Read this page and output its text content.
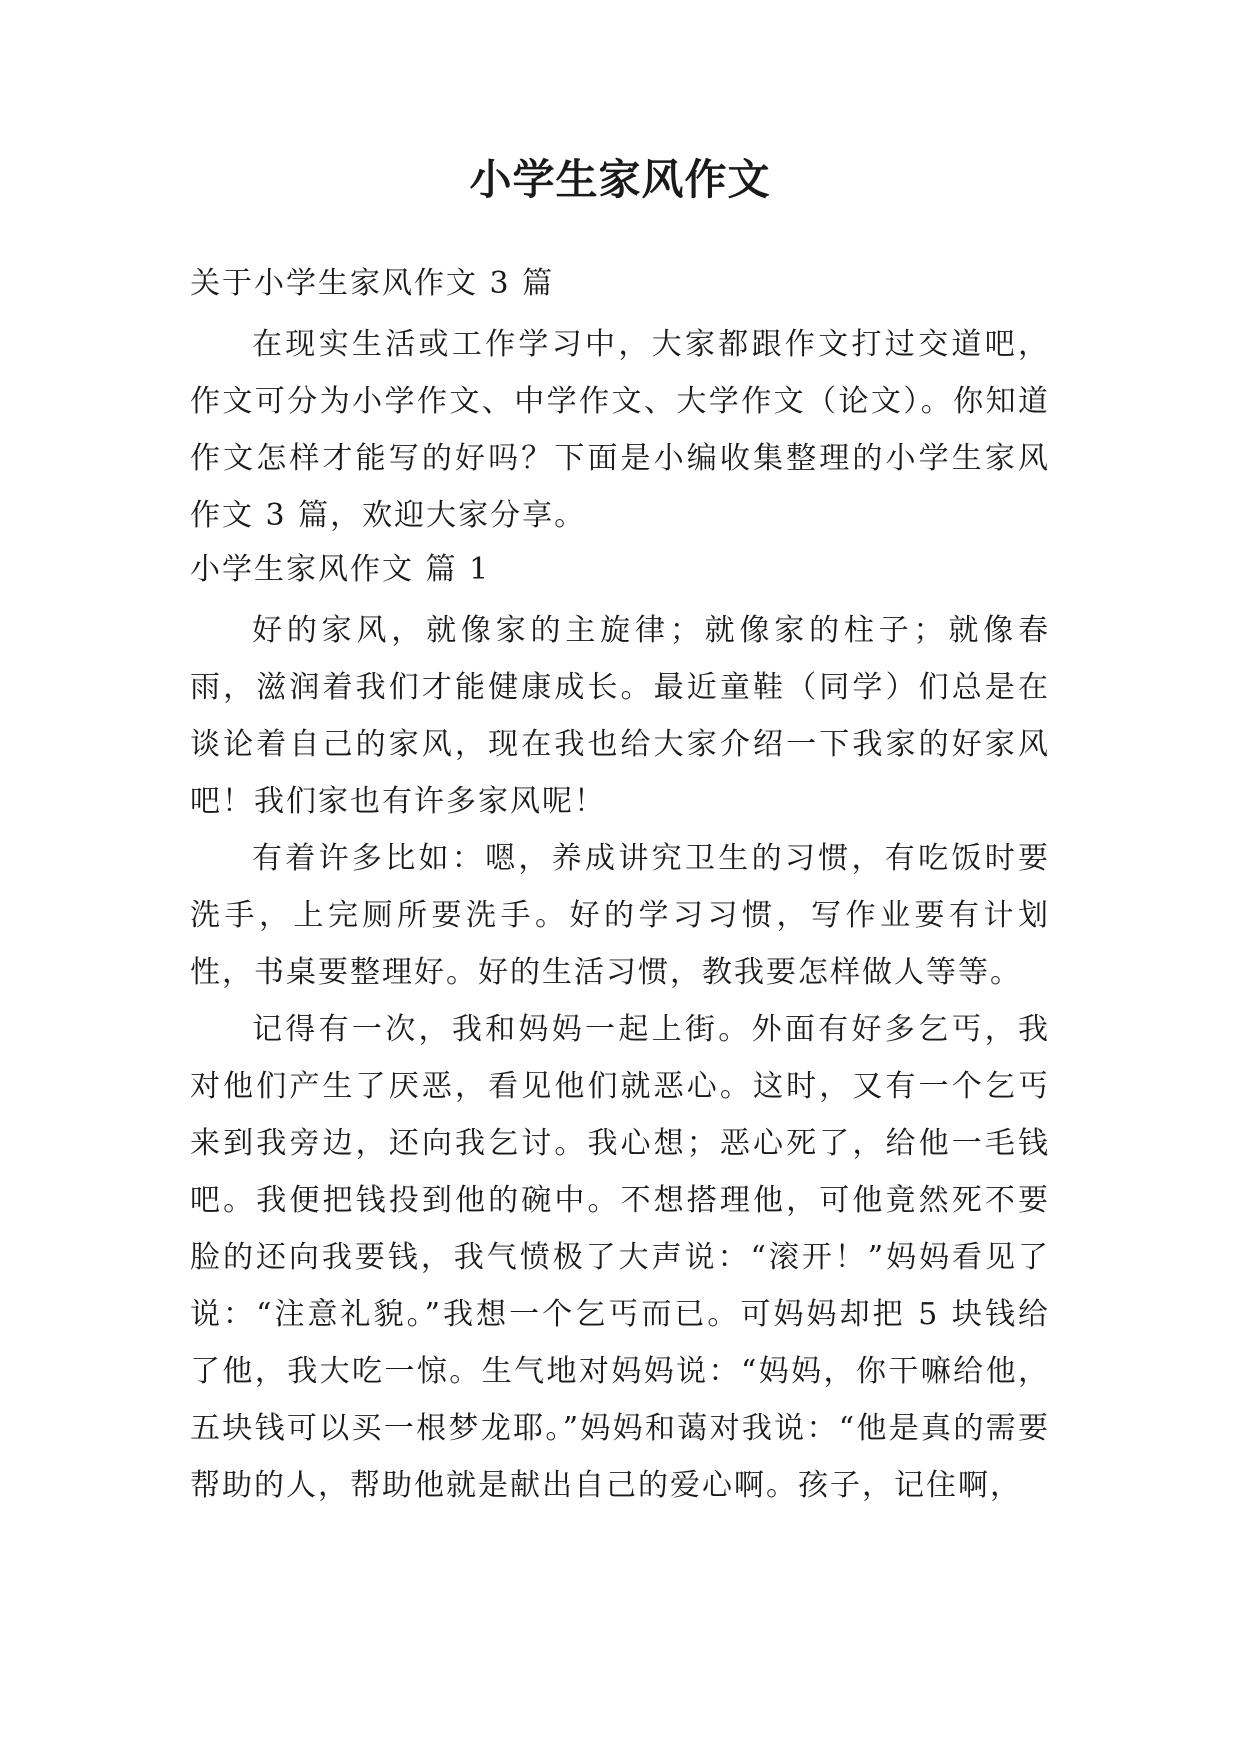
小学生家风作文

关于小学生家风作文 3 篇

在现实生活或工作学习中，大家都跟作文打过交道吧，作文可分为小学作文、中学作文、大学作文（论文）。你知道作文怎样才能写的好吗？下面是小编收集整理的小学生家风作文 3 篇，欢迎大家分享。

小学生家风作文 篇 1

好的家风，就像家的主旋律；就像家的柱子；就像春雨，滋润着我们才能健康成长。最近童鞋（同学）们总是在谈论着自己的家风，现在我也给大家介绍一下我家的好家风吧！我们家也有许多家风呢！

有着许多比如：嗯，养成讲究卫生的习惯，有吃饭时要洗手，上完厕所要洗手。好的学习习惯，写作业要有计划性，书桌要整理好。好的生活习惯，教我要怎样做人等等。

记得有一次，我和妈妈一起上街。外面有好多乞丐，我对他们产生了厌恶，看见他们就恶心。这时，又有一个乞丐来到我旁边，还向我乞讨。我心想；恶心死了，给他一毛钱吧。我便把钱投到他的碗中。不想搭理他，可他竟然死不要脸的还向我要钱，我气愤极了大声说：“滚开！”妈妈看见了说：“注意礼貌。”我想一个乞丐而已。可妈妈却把 5 块钱给了他，我大吃一惊。生气地对妈妈说：“妈妈，你干嘛给他，五块钱可以买一根梦龙耶。”妈妈和蔼对我说：“他是真的需要帮助的人，帮助他就是献出自己的爱心啊。孩子，记住啊，
